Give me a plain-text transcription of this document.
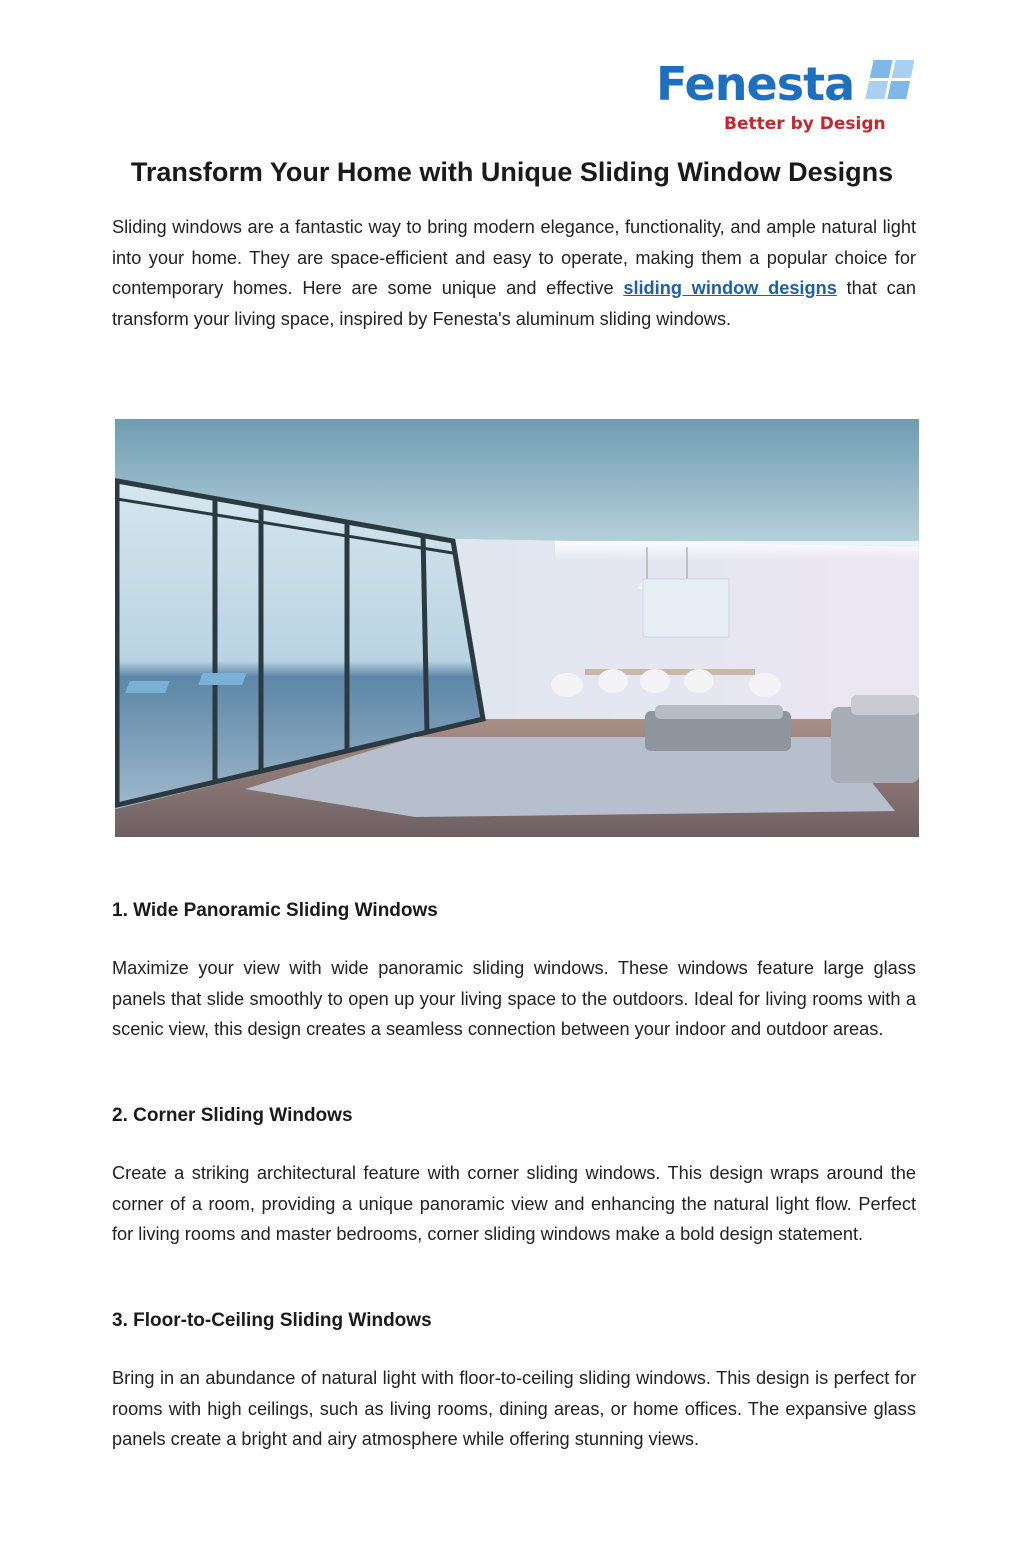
Fenesta
Better by Design
Transform Your Home with Unique Sliding Window Designs

Sliding windows are a fantastic way to bring modern elegance, functionality, and ample natural light into your home. They are space-efficient and easy to operate, making them a popular choice for contemporary homes. Here are some unique and effective sliding window designs that can transform your living space, inspired by Fenesta's aluminum sliding windows.

1. Wide Panoramic Sliding Windows

Maximize your view with wide panoramic sliding windows. These windows feature large glass panels that slide smoothly to open up your living space to the outdoors. Ideal for living rooms with a scenic view, this design creates a seamless connection between your indoor and outdoor areas.

2. Corner Sliding Windows

Create a striking architectural feature with corner sliding windows. This design wraps around the corner of a room, providing a unique panoramic view and enhancing the natural light flow. Perfect for living rooms and master bedrooms, corner sliding windows make a bold design statement.

3. Floor-to-Ceiling Sliding Windows

Bring in an abundance of natural light with floor-to-ceiling sliding windows. This design is perfect for rooms with high ceilings, such as living rooms, dining areas, or home offices. The expansive glass panels create a bright and airy atmosphere while offering stunning views.
